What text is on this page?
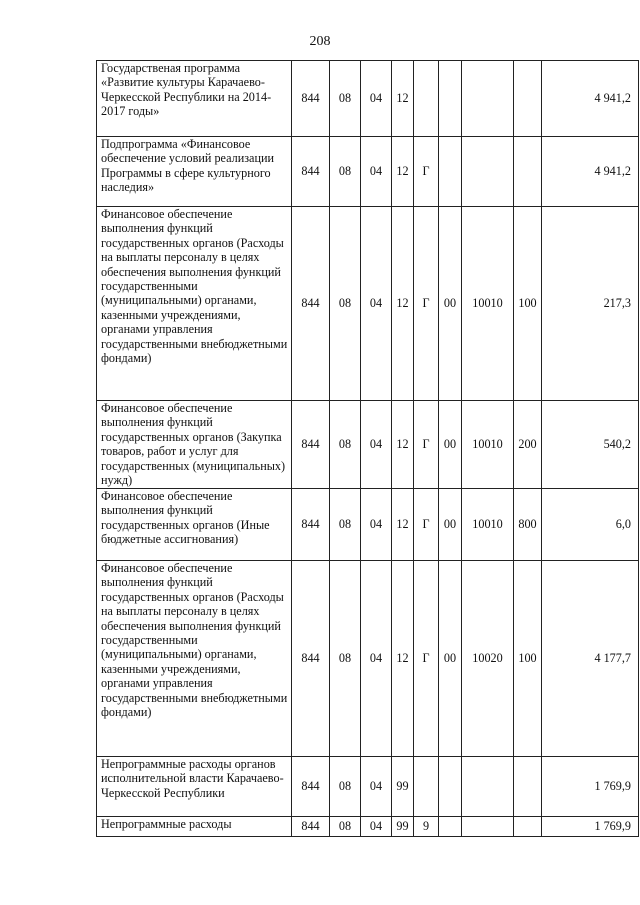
208
Государственая программа «Развитие культуры Карачаево-Черкесской Республики на 2014-2017 годы»	844	08	04	12					4 941,2
Подпрограмма «Финансовое обеспечение условий реализации Программы в сфере культурного наследия»	844	08	04	12	Г				4 941,2
Финансовое обеспечение выполнения функций государственных органов (Расходы на выплаты персоналу в целях обеспечения выполнения функций государственными (муниципальными) органами, казенными учреждениями, органами управления государственными внебюджетными фондами)	844	08	04	12	Г	00	10010	100	217,3
Финансовое обеспечение выполнения функций государственных органов (Закупка товаров, работ и услуг для государственных (муниципальных) нужд)	844	08	04	12	Г	00	10010	200	540,2
Финансовое обеспечение выполнения функций государственных органов (Иные бюджетные ассигнования)	844	08	04	12	Г	00	10010	800	6,0
Финансовое обеспечение выполнения функций государственных органов (Расходы на выплаты персоналу в целях обеспечения выполнения функций государственными (муниципальными) органами, казенными учреждениями, органами управления государственными внебюджетными фондами)	844	08	04	12	Г	00	10020	100	4 177,7
Непрограммные расходы органов исполнительной власти Карачаево-Черкесской Республики	844	08	04	99					1 769,9
Непрограммные расходы	844	08	04	99	9				1 769,9
